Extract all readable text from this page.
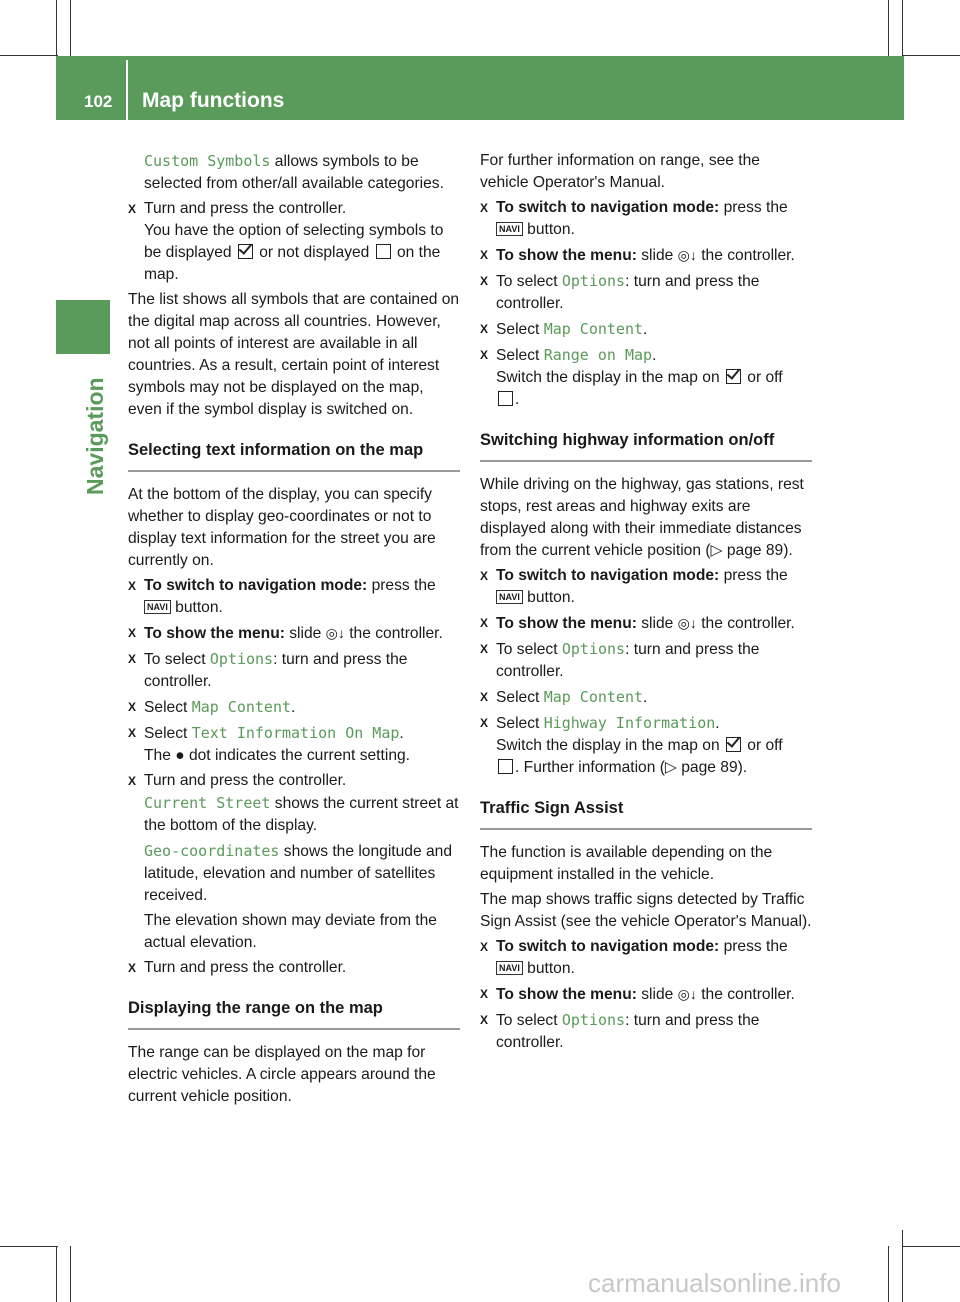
102 Map functions
Navigation

Custom Symbols allows symbols to be selected from other/all available categories.

X Turn and press the controller.
You have the option of selecting symbols to be displayed  or not displayed  on the map.

The list shows all symbols that are contained on the digital map across all countries. However, not all points of interest are available in all countries. As a result, certain point of interest symbols may not be displayed on the map, even if the symbol display is switched on.

Selecting text information on the map

At the bottom of the display, you can specify whether to display geo-coordinates or not to display text information for the street you are currently on.

X To switch to navigation mode: press the NAVI button.
X To show the menu: slide ◎↓ the controller.
X To select Options: turn and press the controller.
X Select Map Content.
X Select Text Information On Map.
The ● dot indicates the current setting.
X Turn and press the controller.
Current Street shows the current street at the bottom of the display.

Geo-coordinates shows the longitude and latitude, elevation and number of satellites received.

The elevation shown may deviate from the actual elevation.

X Turn and press the controller.
Displaying the range on the map

The range can be displayed on the map for electric vehicles. A circle appears around the current vehicle position.

For further information on range, see the vehicle Operator's Manual.

X To switch to navigation mode: press the NAVI button.
X To show the menu: slide ◎↓ the controller.
X To select Options: turn and press the controller.
X Select Map Content.
X Select Range on Map.
Switch the display in the map on  or off
.
Switching highway information on/off

While driving on the highway, gas stations, rest stops, rest areas and highway exits are displayed along with their immediate distances from the current vehicle position (▷ page 89).

X To switch to navigation mode: press the NAVI button.
X To show the menu: slide ◎↓ the controller.
X To select Options: turn and press the controller.
X Select Map Content.
X Select Highway Information.
Switch the display in the map on  or off
. Further information (▷ page 89).
Traffic Sign Assist

The function is available depending on the equipment installed in the vehicle.

The map shows traffic signs detected by Traffic Sign Assist (see the vehicle Operator's Manual).

X To switch to navigation mode: press the NAVI button.
X To show the menu: slide ◎↓ the controller.
X To select Options: turn and press the controller.
carmanualsonline.info
